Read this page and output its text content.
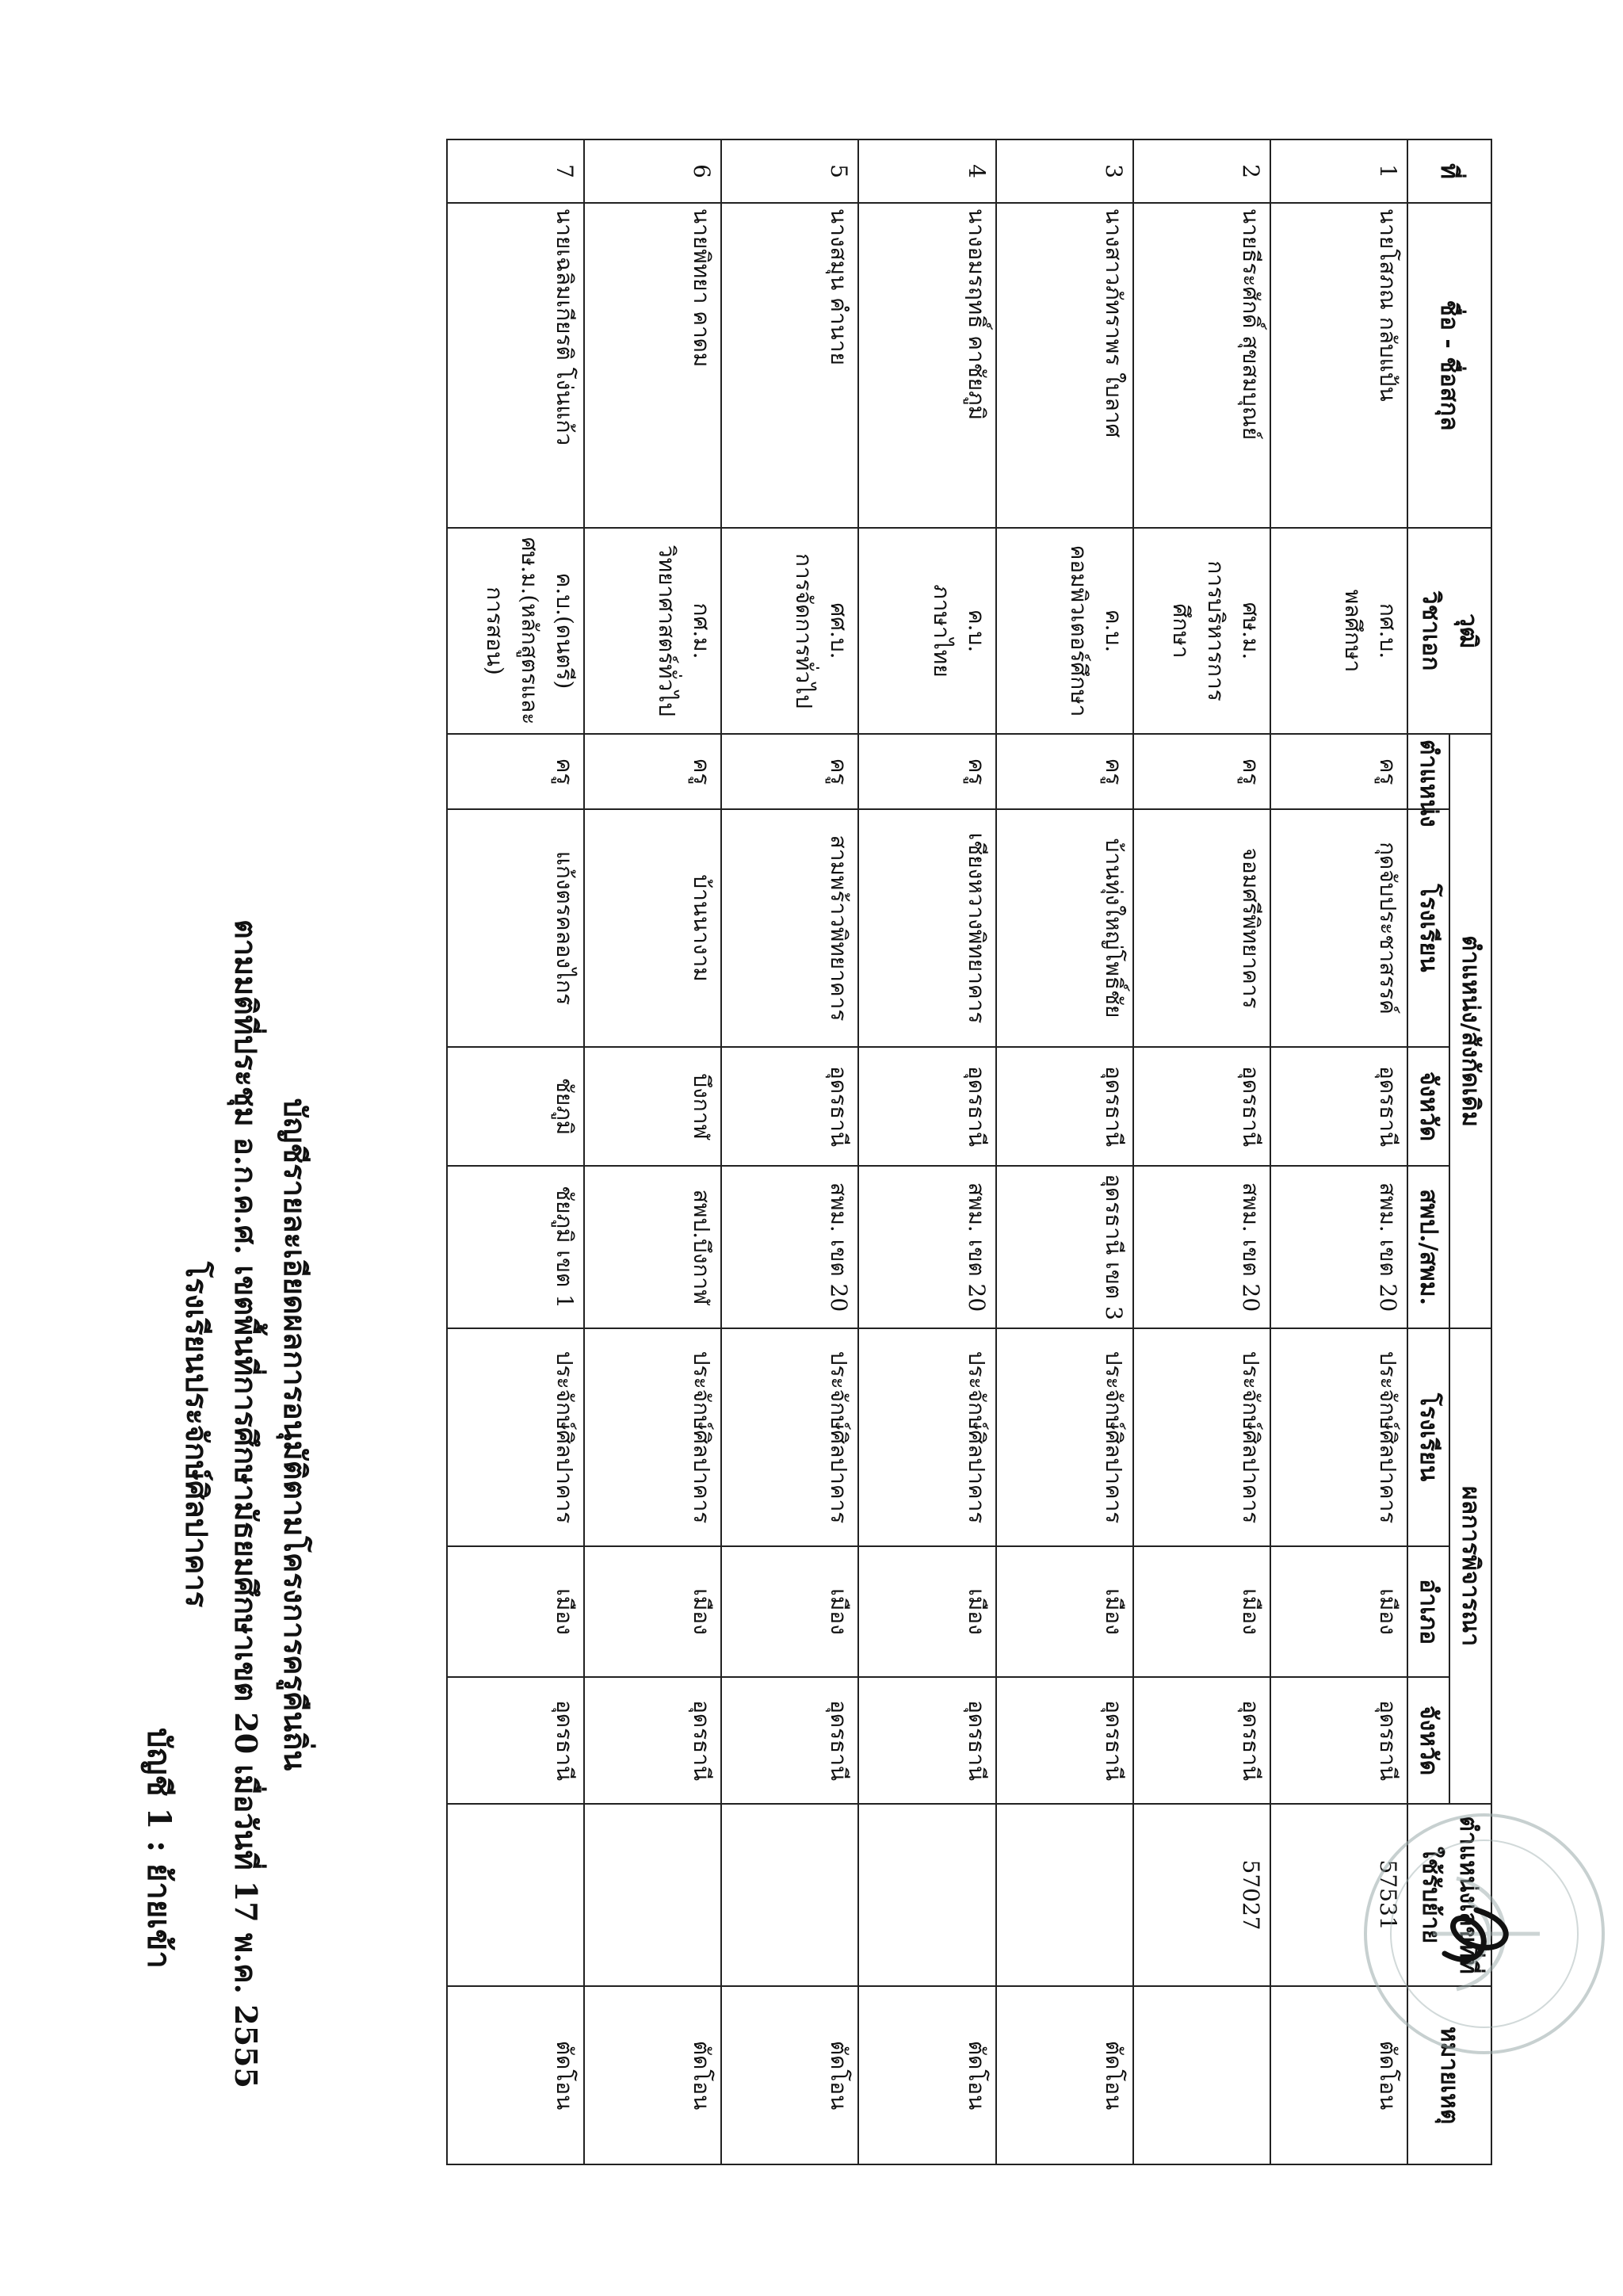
บัญชี 1 : ย้ายเข้า
บัญชีรายละเอียดผลการอนุมัติตามโครงการครูคืนถิ่น
ตามมติที่ประชุม อ.ก.ค.ศ. เขตพื้นที่การศึกษามัธยมศึกษาเขต 20 เมื่อวันที่ 17 พ.ค. 2555
โรงเรียนประจักษ์ศิลปาคาร
ที่	ชื่อ - ชื่อสกุล	วุฒิ
วิชาเอก	ตำแหน่ง/สังกัดเดิม				ผลการพิจารณา			ตำแหน่งเลขที่ที่ใช้รับย้าย	หมายเหตุ
			ตำแหน่ง	โรงเรียน	จังหวัด	สพป./สพม.	โรงเรียน	อำเภอ	จังหวัด		
1	นายโสภณ กลับแป้น	กศ.บ.
พลศึกษา	ครู	กุดจับประชาสรรค์	อุดรธานี	สพม. เขต 20	ประจักษ์ศิลปาคาร	เมือง	อุดรธานี	57531	ตัดโอน
2	นายธีระศักดิ์ สุขสมบุณย์	ศษ.ม.
การบริหารการศึกษา	ครู	จอมศรีพิทยาคาร	อุดรธานี	สพม. เขต 20	ประจักษ์ศิลปาคาร	เมือง	อุดรธานี	57027	
3	นางสาวภัทราพร ใบลาศ	ค.บ.
คอมพิวเตอร์ศึกษา	ครู	บ้านทุ่งใหญ่โพธิ์ชัย	อุดรธานี	อุดรธานี เขต 3	ประจักษ์ศิลปาคาร	เมือง	อุดรธานี		ตัดโอน
4	นางอมรฤทธิ์ คาชัยภูมิ	ค.บ.
ภาษาไทย	ครู	เชียงหวางพิทยาคาร	อุดรธานี	สพม. เขต 20	ประจักษ์ศิลปาคาร	เมือง	อุดรธานี		ตัดโอน
5	นางสมุน คำนาย	ศศ.บ.
การจัดการทั่วไป	ครู	สามพร้าวพิทยาคาร	อุดรธานี	สพม. เขต 20	ประจักษ์ศิลปาคาร	เมือง	อุดรธานี		ตัดโอน
6	นายพิทยา คาดม	กศ.ม.
วิทยาศาสตร์ทั่วไป	ครู	บ้านนางาม	บึงกาฬ	สพป.บึงกาฬ	ประจักษ์ศิลปาคาร	เมือง	อุดรธานี		ตัดโอน
7	นายเฉลิมเกียรติ โง่นแก้ว	ค.บ.(ดนตรี)
ศษ.ม.(หลักสูตรและการสอน)	ครู	แก้งตรคลองไกร	ชัยภูมิ	ชัยภูมิ เขต 1	ประจักษ์ศิลปาคาร	เมือง	อุดรธานี		ตัดโอน
